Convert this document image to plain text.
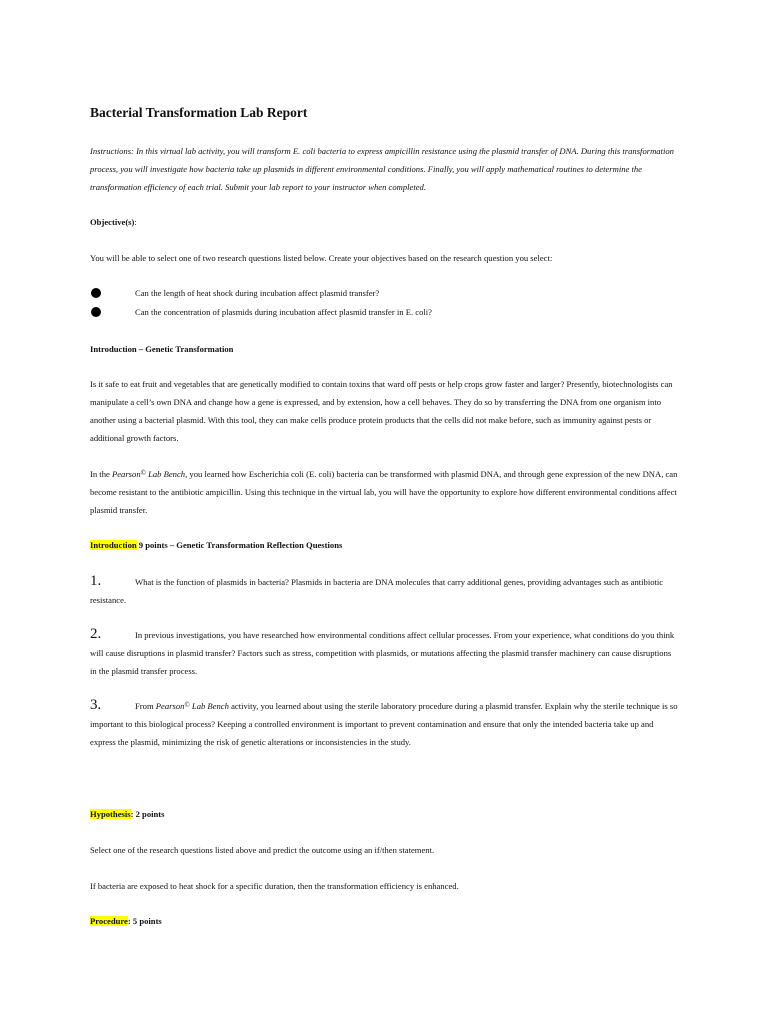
Bacterial Transformation Lab Report
Instructions: In this virtual lab activity, you will transform E. coli bacteria to express ampicillin resistance using the plasmid transfer of DNA. During this transformation process, you will investigate how bacteria take up plasmids in different environmental conditions. Finally, you will apply mathematical routines to determine the transformation efficiency of each trial. Submit your lab report to your instructor when completed.
Objective(s):
You will be able to select one of two research questions listed below. Create your objectives based on the research question you select:
Can the length of heat shock during incubation affect plasmid transfer?
Can the concentration of plasmids during incubation affect plasmid transfer in E. coli?
Introduction – Genetic Transformation
Is it safe to eat fruit and vegetables that are genetically modified to contain toxins that ward off pests or help crops grow faster and larger? Presently, biotechnologists can manipulate a cell’s own DNA and change how a gene is expressed, and by extension, how a cell behaves. They do so by transferring the DNA from one organism into another using a bacterial plasmid. With this tool, they can make cells produce protein products that the cells did not make before, such as immunity against pests or additional growth factors.
In the Pearson© Lab Bench, you learned how Escherichia coli (E. coli) bacteria can be transformed with plasmid DNA, and through gene expression of the new DNA, can become resistant to the antibiotic ampicillin. Using this technique in the virtual lab, you will have the opportunity to explore how different environmental conditions affect plasmid transfer.
Introduction 9 points – Genetic Transformation Reflection Questions
1.	What is the function of plasmids in bacteria? Plasmids in bacteria are DNA molecules that carry additional genes, providing advantages such as antibiotic resistance.
2.	In previous investigations, you have researched how environmental conditions affect cellular processes. From your experience, what conditions do you think will cause disruptions in plasmid transfer? Factors such as stress, competition with plasmids, or mutations affecting the plasmid transfer machinery can cause disruptions in the plasmid transfer process.
3.	From Pearson© Lab Bench activity, you learned about using the sterile laboratory procedure during a plasmid transfer. Explain why the sterile technique is so important to this biological process? Keeping a controlled environment is important to prevent contamination and ensure that only the intended bacteria take up and express the plasmid, minimizing the risk of genetic alterations or inconsistencies in the study.
Hypothesis: 2 points
Select one of the research questions listed above and predict the outcome using an if/then statement.
If bacteria are exposed to heat shock for a specific duration, then the transformation efficiency is enhanced.
Procedure: 5 points
